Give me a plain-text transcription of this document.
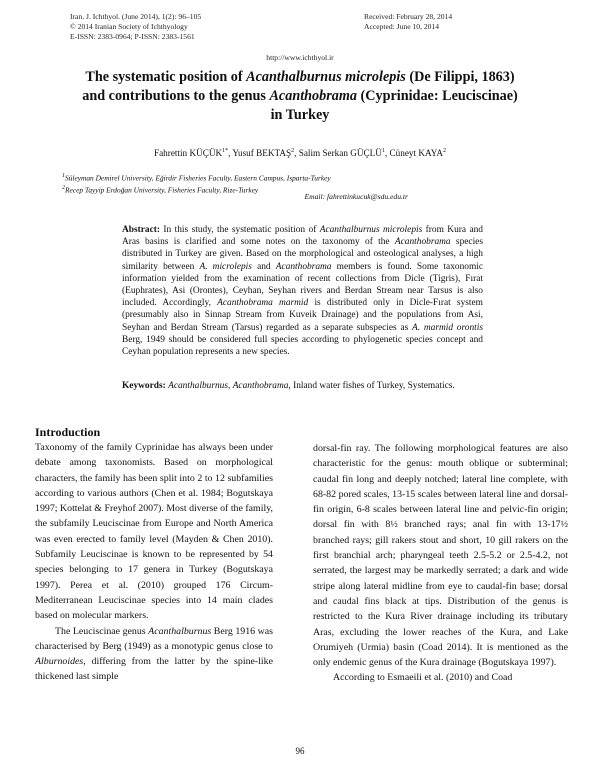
Iran. J. Ichthyol. (June 2014), 1(2): 96–105
© 2014 Iranian Society of Ichthyology
E-ISSN: 2383-0964; P-ISSN: 2383-1561
Received: February 28, 2014
Accepted: June 10, 2014
http://www.ichthyol.ir
The systematic position of Acanthalburnus microlepis (De Filippi, 1863)
and contributions to the genus Acanthobrama (Cyprinidae: Leuciscinae)
in Turkey
Fahrettin $KÜÇÜK^{1*}$, Yusuf BEKTAŞ$^2$, Salim Serkan GÜÇLÜ$^1$, Cüneyt KAYA$^2$
$^1$Süleyman Demirel University, Eğirdir Fisheries Faculty, Eastern Campus, Isparta-Turkey
$^2$Recep Tayyip Erdoğan University, Fisheries Faculty, Rize-Turkey
Email: fahrettinkucuk@sdu.edu.tr
Abstract: In this study, the systematic position of Acanthalburnus microlepis from Kura and Aras basins is clarified and some notes on the taxonomy of the Acanthobrama species distributed in Turkey are given. Based on the morphological and osteological analyses, a high similarity between A. microlepis and Acanthobrama members is found. Some taxonomic information yielded from the examination of recent collections from Dicle (Tigris), Fırat (Euphrates), Asi (Orontes), Ceyhan, Seyhan rivers and Berdan Stream near Tarsus is also included. Accordingly, Acanthobrama marmid is distributed only in Dicle-Fırat system (presumably also in Sinnap Stream from Kuveik Drainage) and the populations from Asi, Seyhan and Berdan Stream (Tarsus) regarded as a separate subspecies as A. marmid orontis Berg, 1949 should be considered full species according to phylogenetic species concept and Ceyhan population represents a new species.
Keywords: Acanthalburnus, Acanthobrama, Inland water fishes of Turkey, Systematics.
Introduction

Taxonomy of the family Cyprinidae has always been under debate among taxonomists. Based on morphological characters, the family has been split into 2 to 12 subfamilies according to various authors (Chen et al. 1984; Bogutskaya 1997; Kottelat & Freyhof 2007). Most diverse of the family, the subfamily Leuciscinae from Europe and North America was even erected to family level (Mayden & Chen 2010). Subfamily Leuciscinae is known to be represented by 54 species belonging to 17 genera in Turkey (Bogutskaya 1997). Perea et al. (2010) grouped 176 Circum-Mediterranean Leuciscinae species into 14 main clades based on molecular markers.

The Leuciscinae genus Acanthalburnus Berg 1916 was characterised by Berg (1949) as a monotypic genus close to Alburnoides, differing from the latter by the spine-like thickened last simple

dorsal-fin ray. The following morphological features are also characteristic for the genus: mouth oblique or subterminal; caudal fin long and deeply notched; lateral line complete, with 68-82 pored scales, 13-15 scales between lateral line and dorsal-fin origin, 6-8 scales between lateral line and pelvic-fin origin; dorsal fin with 8½ branched rays; anal fin with 13-17½ branched rays; gill rakers stout and short, 10 gill rakers on the first branchial arch; pharyngeal teeth 2.5-5.2 or 2.5-4.2, not serrated, the largest may be markedly serrated; a dark and wide stripe along lateral midline from eye to caudal-fin base; dorsal and caudal fins black at tips. Distribution of the genus is restricted to the Kura River drainage including its tributary Aras, excluding the lower reaches of the Kura, and Lake Orumiyeh (Urmia) basin (Coad 2014). It is mentioned as the only endemic genus of the Kura drainage (Bogutskaya 1997).

According to Esmaeili et al. (2010) and Coad

96
